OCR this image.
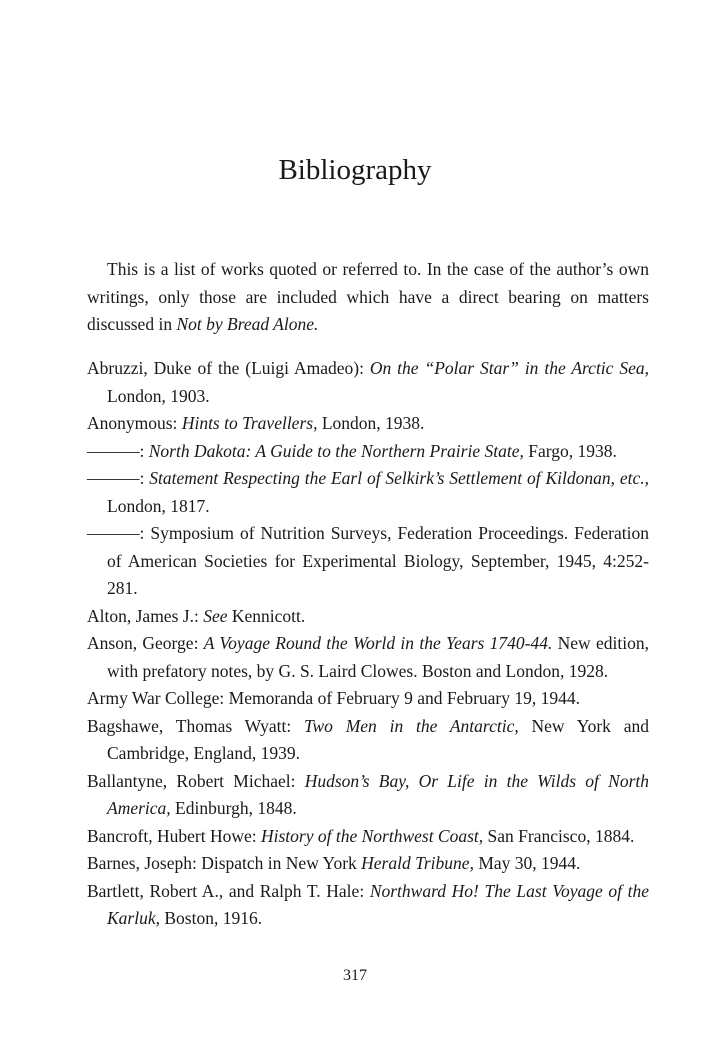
Bibliography

This is a list of works quoted or referred to. In the case of the author’s own writings, only those are included which have a direct bearing on matters discussed in Not by Bread Alone.

Abruzzi, Duke of the (Luigi Amadeo): On the “Polar Star” in the Arctic Sea, London, 1903.
Anonymous: Hints to Travellers, London, 1938.
———: North Dakota: A Guide to the Northern Prairie State, Fargo, 1938.
———: Statement Respecting the Earl of Selkirk’s Settlement of Kildonan, etc., London, 1817.
———: Symposium of Nutrition Surveys, Federation Proceedings. Federation of American Societies for Experimental Biology, September, 1945, 4:252-281.
Alton, James J.: See Kennicott.
Anson, George: A Voyage Round the World in the Years 1740-44. New edition, with prefatory notes, by G. S. Laird Clowes. Boston and London, 1928.
Army War College: Memoranda of February 9 and February 19, 1944.
Bagshawe, Thomas Wyatt: Two Men in the Antarctic, New York and Cambridge, England, 1939.
Ballantyne, Robert Michael: Hudson’s Bay, Or Life in the Wilds of North America, Edinburgh, 1848.
Bancroft, Hubert Howe: History of the Northwest Coast, San Francisco, 1884.
Barnes, Joseph: Dispatch in New York Herald Tribune, May 30, 1944.
Bartlett, Robert A., and Ralph T. Hale: Northward Ho! The Last Voyage of the Karluk, Boston, 1916.
317
